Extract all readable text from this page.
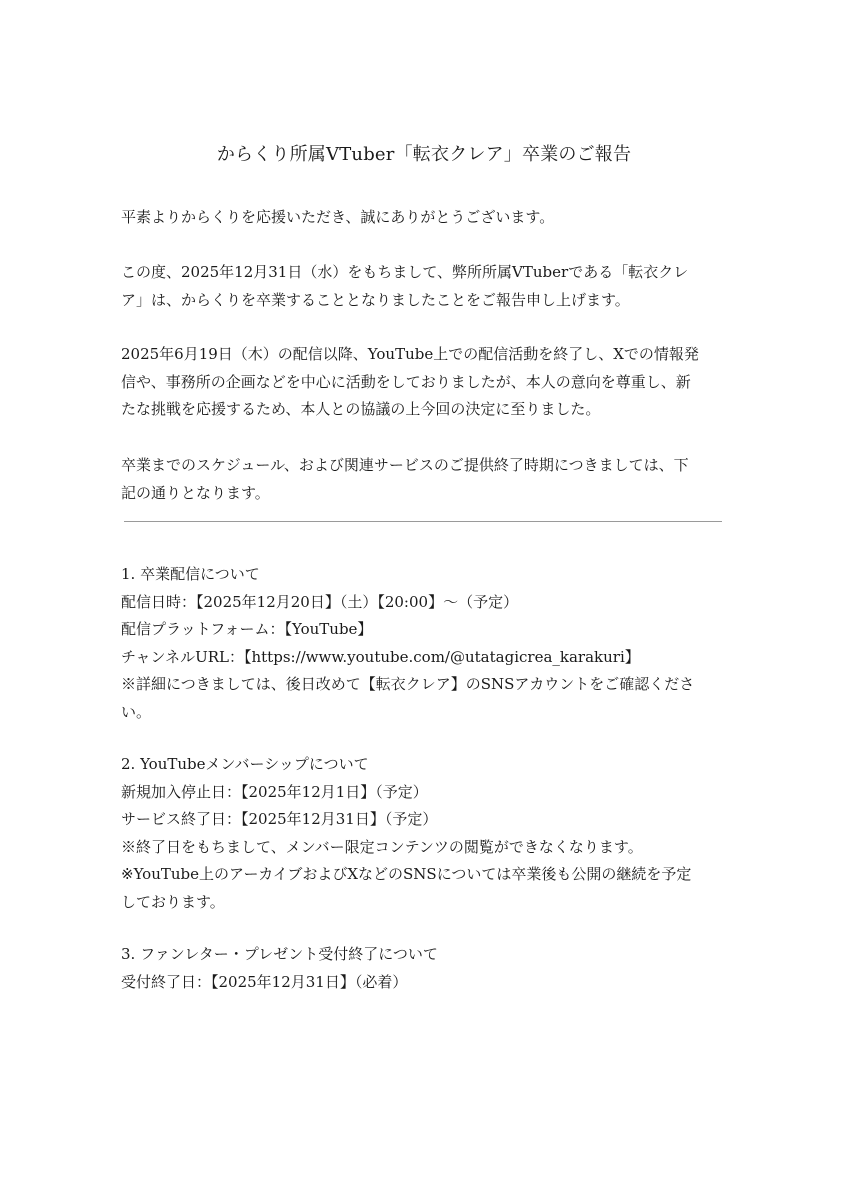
からくり所属VTuber「転衣クレア」卒業のご報告
平素よりからくりを応援いただき、誠にありがとうございます。
この度、2025年12月31日（水）をもちまして、弊所所属VTuberである「転衣クレ
ア」は、からくりを卒業することとなりましたことをご報告申し上げます。
2025年6月19日（木）の配信以降、YouTube上での配信活動を終了し、Xでの情報発
信や、事務所の企画などを中心に活動をしておりましたが、本人の意向を尊重し、新
たな挑戦を応援するため、本人との協議の上今回の決定に至りました。
卒業までのスケジュール、および関連サービスのご提供終了時期につきましては、下
記の通りとなります。
1. 卒業配信について
配信日時：【2025年12月20日】（土）【20:00】〜（予定）
配信プラットフォーム：【YouTube】
チャンネルURL：【https://www.youtube.com/@utatagicrea_karakuri】
※詳細につきましては、後日改めて【転衣クレア】のSNSアカウントをご確認くださ
い。
2. YouTubeメンバーシップについて
新規加入停止日：【2025年12月1日】（予定）
サービス終了日：【2025年12月31日】（予定）
※終了日をもちまして、メンバー限定コンテンツの閲覧ができなくなります。
※YouTube上のアーカイブおよびXなどのSNSについては卒業後も公開の継続を予定
しております。
3. ファンレター・プレゼント受付終了について
受付終了日：【2025年12月31日】（必着）
